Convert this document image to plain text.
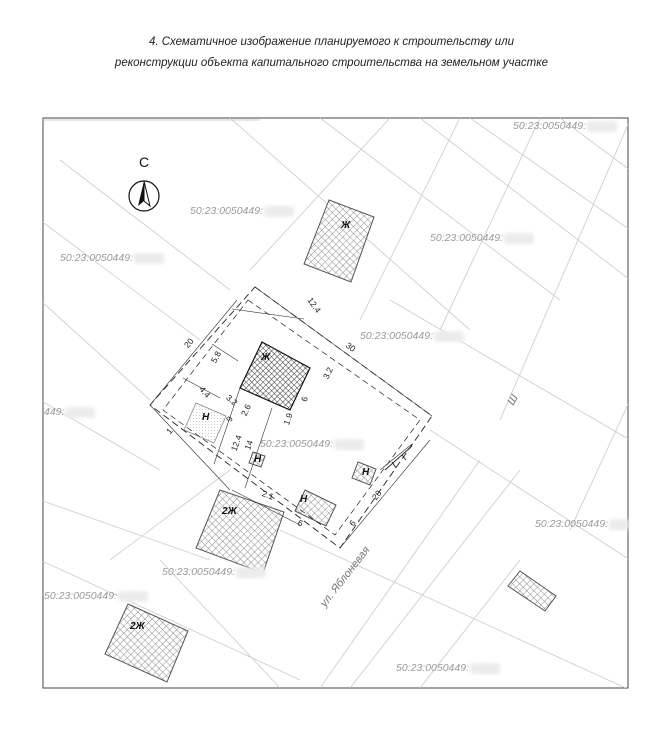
4. Схематичное изображение планируемого к строительству или
реконструкции объекта капитального строительства на земельном участке
С
50:23:0050449:
50:23:0050449:
50:23:0050449:
50:23:0050449:
50:23:0050449:
449:
50:23:0050449:
50:23:0050449:
50:23:0050449:
50:23:0050449:
50:23:0050449:
Ж
Ж
Н
Н
Н
Н
2Ж
2Ж
ул. Яблоневая
Ш
12.4
20	30
5.8
4.4
3.2
2.6
1.9
3.2
9
12.4
14
6
1
20
6
2.1
6
